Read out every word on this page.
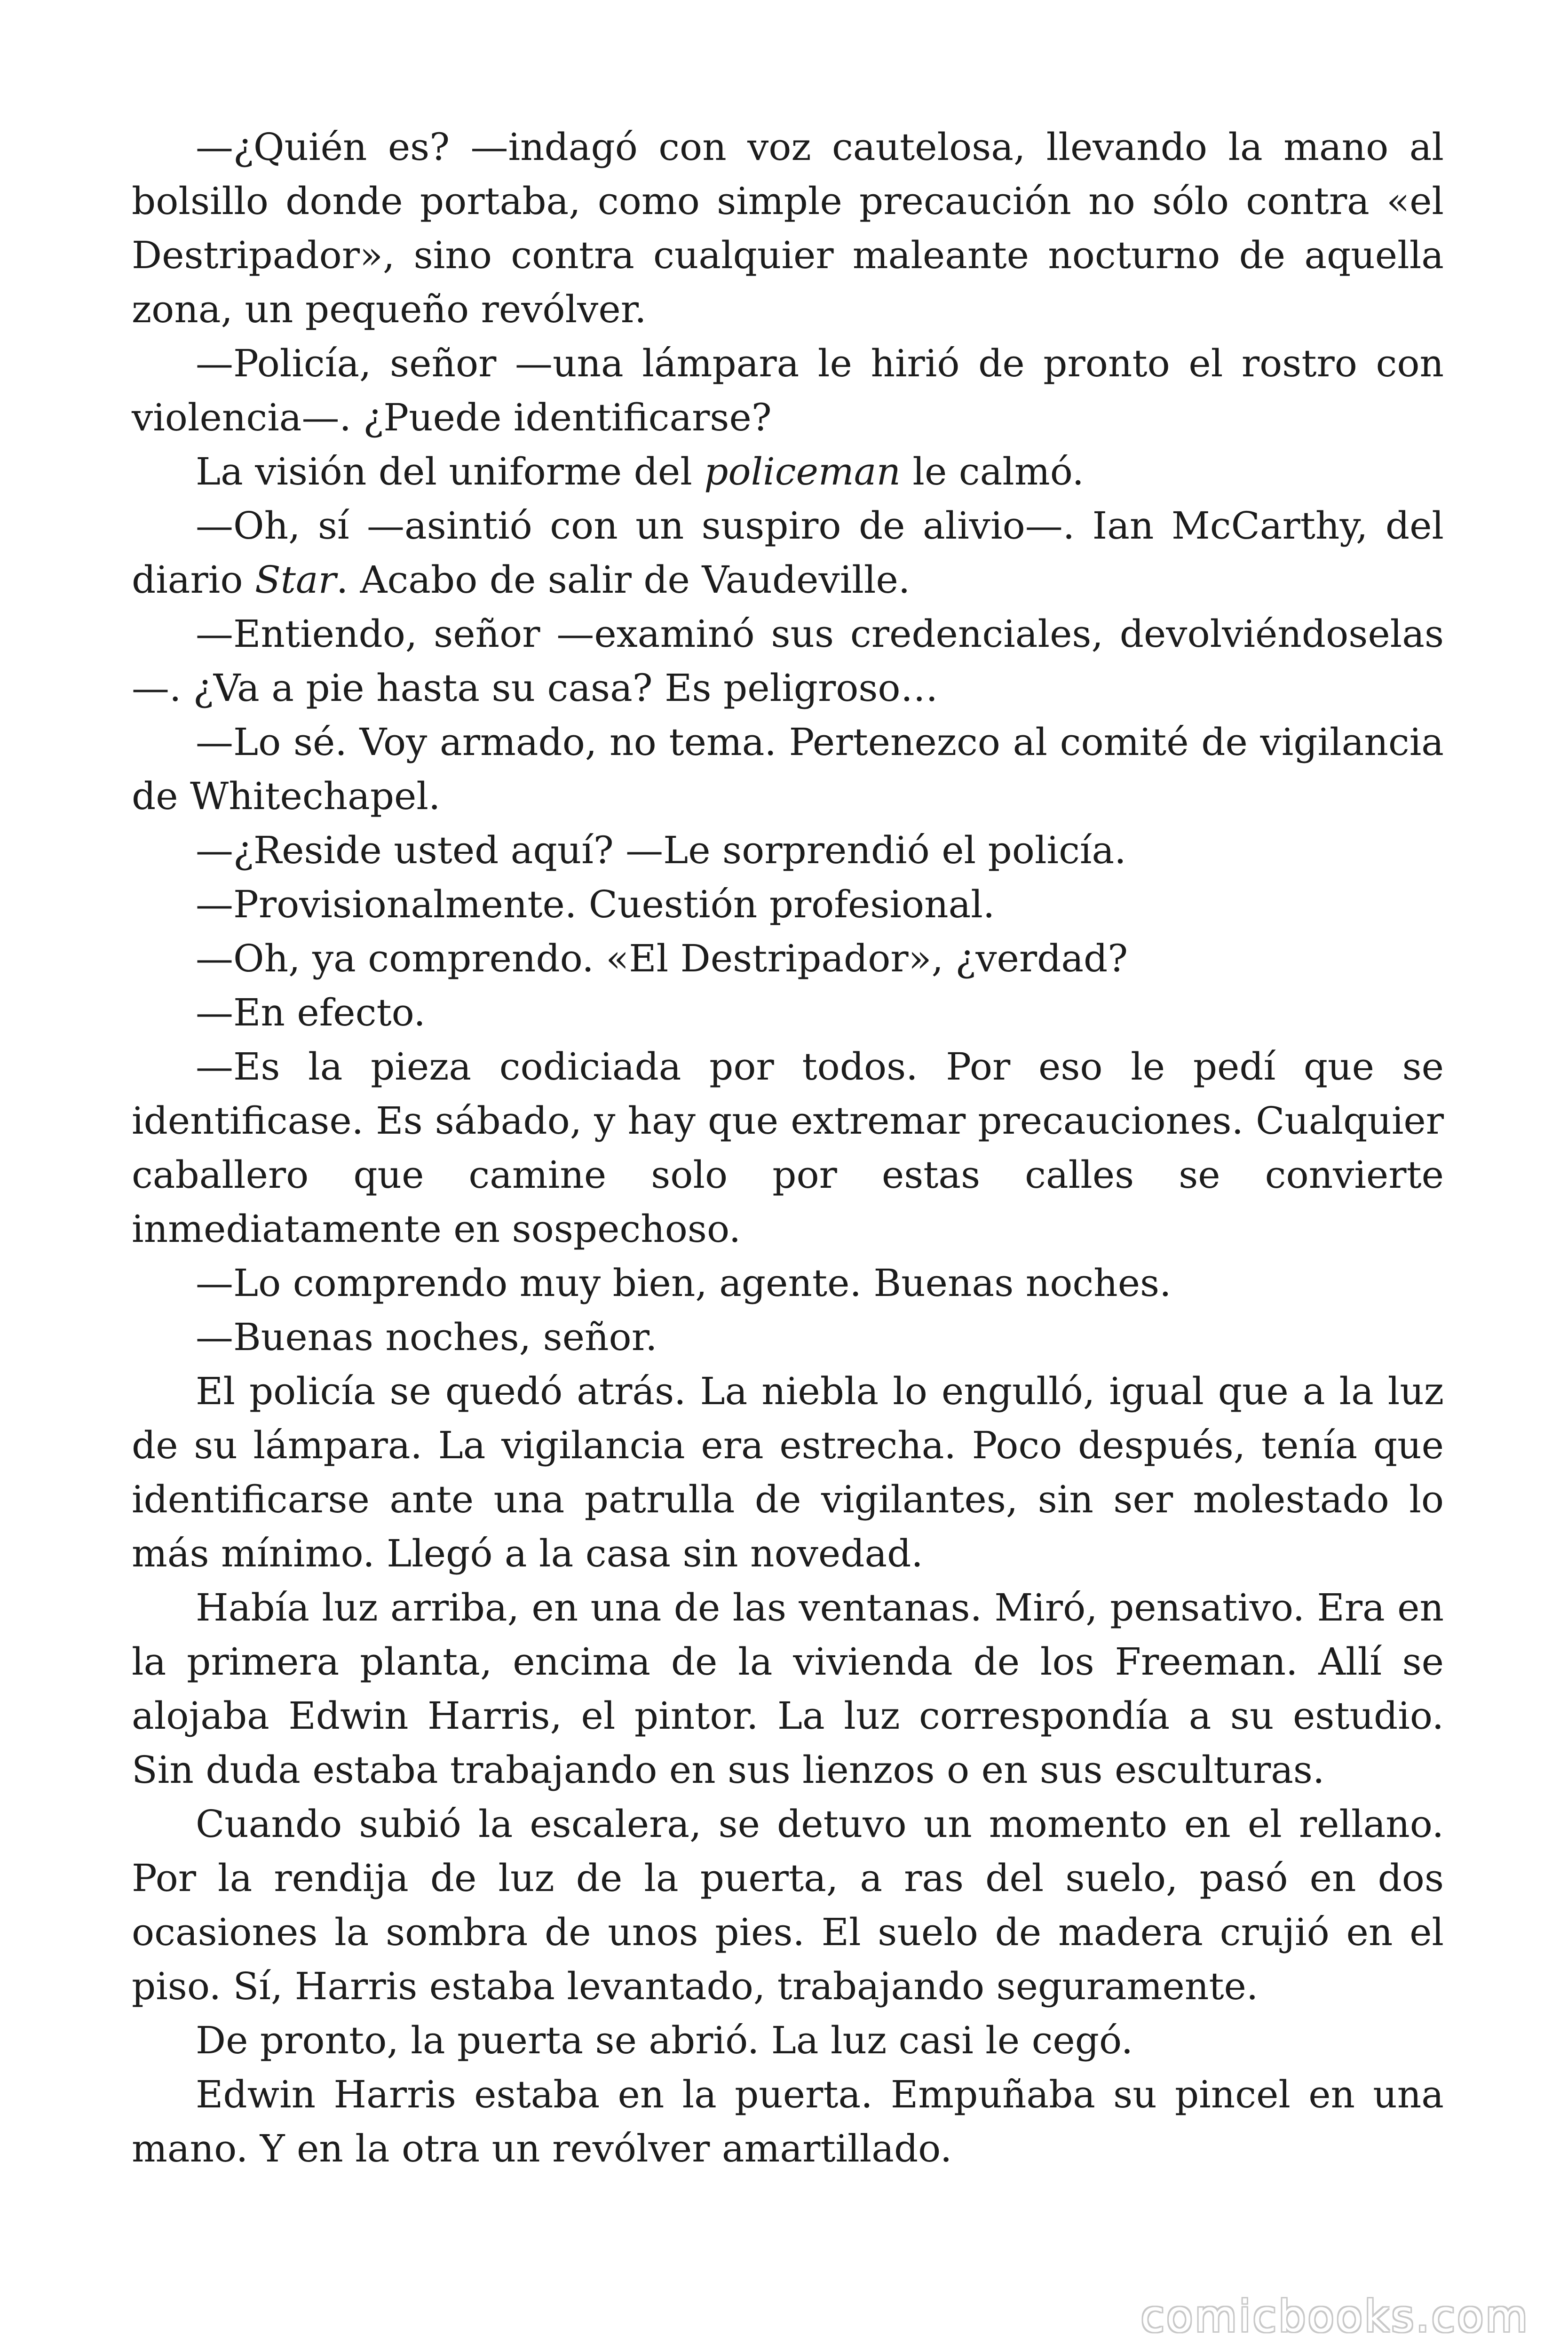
—¿Quién es? —indagó con voz cautelosa, llevando la mano al bolsillo donde portaba, como simple precaución no sólo contra «el Destripador», sino contra cualquier maleante nocturno de aquella zona, un pequeño revólver.

—Policía, señor —una lámpara le hirió de pronto el rostro con violencia—. ¿Puede identificarse?

La visión del uniforme del policeman le calmó.

—Oh, sí —asintió con un suspiro de alivio—. Ian McCarthy, del

diario Star. Acabo de salir de Vaudeville.

—Entiendo, señor —examinó sus credenciales, devolviéndoselas —. ¿Va a pie hasta su casa? Es peligroso…

—Lo sé. Voy armado, no tema. Pertenezco al comité de vigilancia de Whitechapel.

—¿Reside usted aquí? —Le sorprendió el policía.

—Provisionalmente. Cuestión profesional.

—Oh, ya comprendo. «El Destripador», ¿verdad?

—En efecto.

—Es la pieza codiciada por todos. Por eso le pedí que se identificase. Es sábado, y hay que extremar precauciones. Cualquier caballero que camine solo por estas calles se convierte inmediatamente en sospechoso.

—Lo comprendo muy bien, agente. Buenas noches.

—Buenas noches, señor.

El policía se quedó atrás. La niebla lo engulló, igual que a la luz de su lámpara. La vigilancia era estrecha. Poco después, tenía que identificarse ante una patrulla de vigilantes, sin ser molestado lo más mínimo. Llegó a la casa sin novedad.

Había luz arriba, en una de las ventanas. Miró, pensativo. Era en la primera planta, encima de la vivienda de los Freeman. Allí se alojaba Edwin Harris, el pintor. La luz correspondía a su estudio. Sin duda estaba trabajando en sus lienzos o en sus esculturas.

Cuando subió la escalera, se detuvo un momento en el rellano. Por la rendija de luz de la puerta, a ras del suelo, pasó en dos ocasiones la sombra de unos pies. El suelo de madera crujió en el piso. Sí, Harris estaba levantado, trabajando seguramente.

De pronto, la puerta se abrió. La luz casi le cegó.

Edwin Harris estaba en la puerta. Empuñaba su pincel en una mano. Y en la otra un revólver amartillado.

comicbooks.com
